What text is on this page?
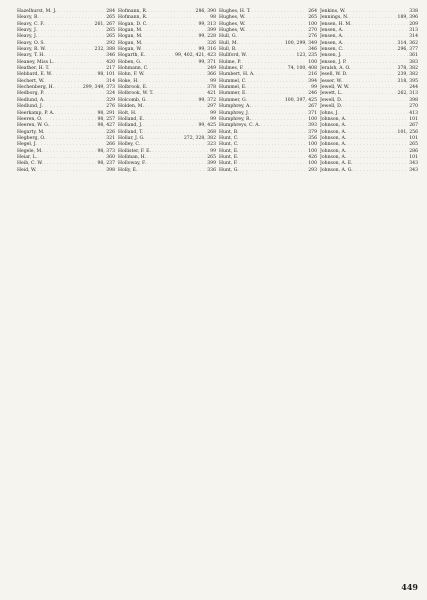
Hazelhurst, M. J. . . .	284
Heavy, B. . . .	265
Heavy, C. F. . . .	261, 267
Heavy, J. . . .	265
Heavy, J. . . .	265
Heavy, O. S. . . .	292
Heavy, R. W. . . .	232, 388
Heavy, T. H. . . .	346
Heaney, Miss L. . . .	420
Heather, H. T. . . .	217
Hebbard, E. W. . . .	98, 101
Hechert, W. . . .	314
Hechenberg, H. . . .	299, 349, 373
Hedborg, P. . . .	324
Hedlund, A. . . .	329
Hedlund, J. . . .	276
Heerkamp, P. A. . . .	98, 291
Heeren, O. . . .	98, 257
Heeren, W. G. . . .	98, 427
Hegarty, M. . . .	226
Hegberg, O. . . .	321
Hegel, J. . . .	266
Hegele, M. . . .	98, 373
Heiar, L. . . .	360
Heib, C. W. . . .	98, 237
Heid, W. . . .	398
Hofmann, R. . . .	286, 390
Hofmann, R. . . .	98
Hogan, D. C. . . .	99, 313
Hogan, M. . . .	399
Hogan, M. . . .	99, 228
Hogan, M. . . .	326
Hogan, W. . . .	99, 316
Hogarth, E. . . .	99, 402, 421, 423
Hoben, G. . . .	99, 371
Hohmann, C. . . .	249
Hohn, F. W. . . .	366
Hoke, H. . . .	99
Holbrook, E. . . .	378
Holbrook, W. T. . . .	421
Holcomb, G. . . .	99, 372
Holden, M. . . .	297
Holt, H. . . .	99
Holland, E. . . .	99
Holland, J. . . .	99, 425
Holland, T. . . .	268
Hollar, J. G. . . .	272, 328, 382
Holley, C. . . .	323
Hollister, F. E. . . .	99
Hollman, H. . . .	265
Holloway, F. . . .	399
Holly, E. . . .	336
Hughes, H. T. . . .	264
Hughes, W. . . .	265
Hughes, W. . . .	100
Hughes, W. . . .	270
Hull, G. . . .	276
Hull, M. . . .	100, 299, 349
Hull, R. . . .	346
Hullford, W. . . .	123, 235
Hulme, P. . . .	100
Hulmes, F. . . .	74, 100, 408
Humbert, H. A. . . .	216
Hummel, C. . . .	394
Hummel, E. . . .	99
Hummer, E. . . .	246
Hummer, G. . . .	100, 397, 425
Humphrey, A. . . .	267
Humphrey, J. . . .	371
Humphrey, R. . . .	100
Humphreys, C. A. . . .	393
Hunt, B. . . .	379
Hunt, C. . . .	356
Hunt, C. . . .	100
Hunt, E. . . .	100
Hunt, E. . . .	426
Hunt, F. . . .	100
Hunt, G. . . .	293
Jenkins, W. . . .	338
Jennings, N. . . .	189, 396
Jensen, H. M. . . .	209
Jensen, A. . . .	313
Jensen, A. . . .	314
Jensen, A. . . .	314, 362
Jensen, C. . . .	296, 377
Jensen, J. . . .	361
Jensen, J. P. . . .	383
Jeralsh, A. O. . . .	378, 382
Jesell, W. D. . . .	239, 382
Jesser, W. . . .	318, 395
Jewell, W. W. . . .	244
Jewett, L. . . .	262, 313
Jewell, D. . . .	398
Jewell, D. . . .	270
Johns, J. . . .	413
Johnson, A. . . .	101
Johnson, A. . . .	267
Johnson, A. . . .	101, 256
Johnson, A. . . .	101
Johnson, A. . . .	265
Johnson, A. . . .	286
Johnson, A. . . .	101
Johnson, A. E. . . .	343
Johnson, A. G. . . .	343
449
